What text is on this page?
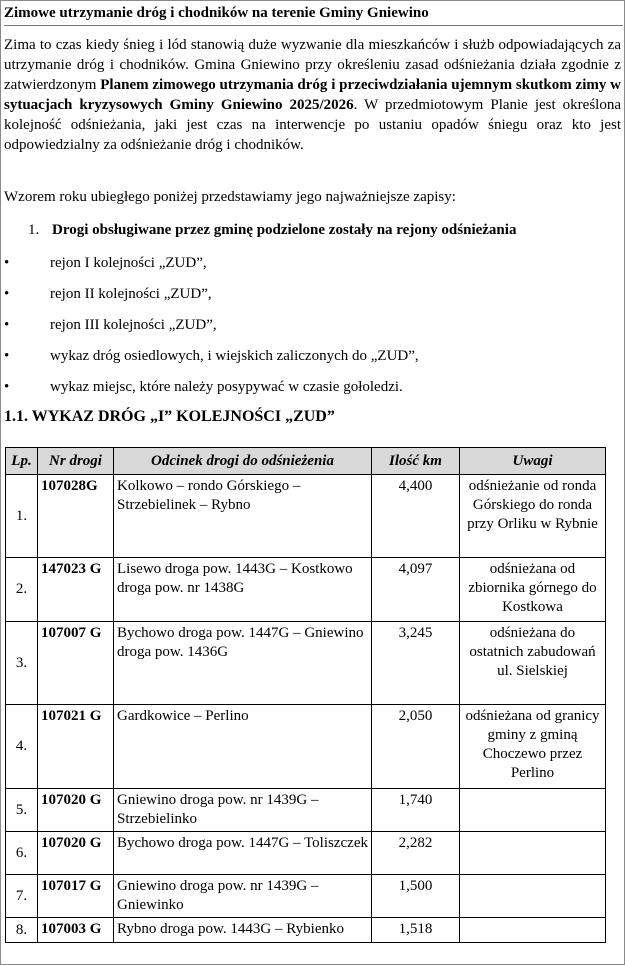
Zimowe utrzymanie dróg i chodników na terenie Gminy Gniewino
Zima to czas kiedy śnieg i lód stanowią duże wyzwanie dla mieszkańców i służb odpowiadających za utrzymanie dróg i chodników. Gmina Gniewino przy określeniu zasad odśnieżania działa zgodnie z zatwierdzonym Planem zimowego utrzymania dróg i przeciwdziałania ujemnym skutkom zimy w sytuacjach kryzysowych Gminy Gniewino 2025/2026. W przedmiotowym Planie jest określona kolejność odśnieżania, jaki jest czas na interwencje po ustaniu opadów śniegu oraz kto jest odpowiedzialny za odśnieżanie dróg i chodników.
Wzorem roku ubiegłego poniżej przedstawiamy jego najważniejsze zapisy:
1. Drogi obsługiwane przez gminę podzielone zostały na rejony odśnieżania
•	rejon I kolejności „ZUD”,
•	rejon II kolejności „ZUD”,
•	rejon III kolejności „ZUD”,
•	wykaz dróg osiedlowych, i wiejskich zaliczonych do „ZUD”,
•	wykaz miejsc, które należy posypywać w czasie gołoledzi.
1.1. WYKAZ DRÓG „I” KOLEJNOŚCI „ZUD”
Lp.	Nr drogi	Odcinek drogi do odśnieżenia	Ilość km	Uwagi
1.	107028G	Kolkowo – rondo Górskiego – Strzebielinek – Rybno	4,400	odśnieżanie od ronda Górskiego do ronda przy Orliku w Rybnie
2.	147023 G	Lisewo droga pow. 1443G – Kostkowo droga pow. nr 1438G	4,097	odśnieżana od zbiornika górnego do Kostkowa
3.	107007 G	Bychowo droga pow. 1447G – Gniewino droga pow. 1436G	3,245	odśnieżana do ostatnich zabudowań ul. Sielskiej
4.	107021 G	Gardkowice – Perlino	2,050	odśnieżana od granicy gminy z gminą Choczewo przez Perlino
5.	107020 G	Gniewino droga pow. nr 1439G – Strzebielinko	1,740	
6.	107020 G	Bychowo droga pow. 1447G – Toliszczek	2,282	
7.	107017 G	Gniewino droga pow. nr 1439G – Gniewinko	1,500	
8.	107003 G	Rybno droga pow. 1443G – Rybienko	1,518	
